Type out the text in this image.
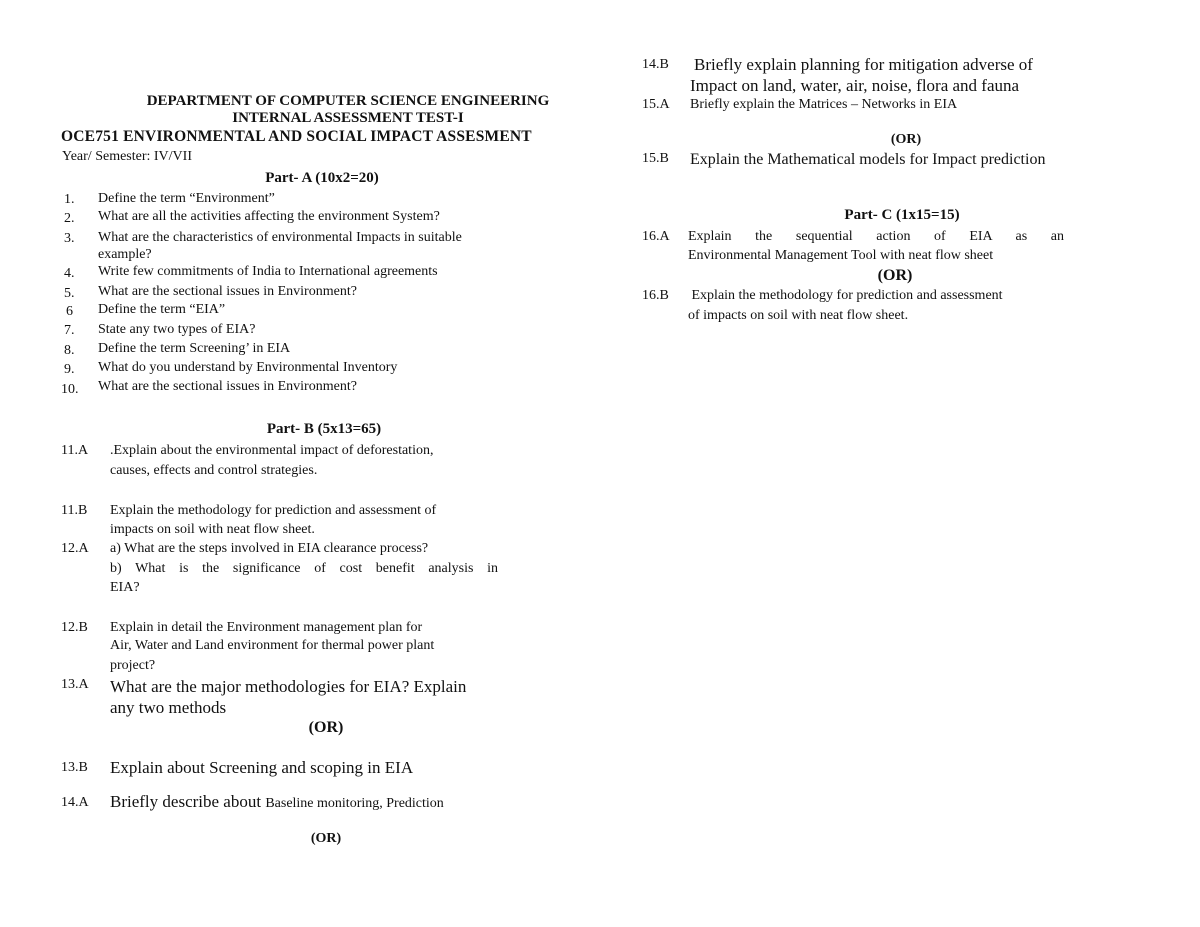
DEPARTMENT OF COMPUTER SCIENCE ENGINEERING
INTERNAL ASSESSMENT TEST-I
OCE751 ENVIRONMENTAL AND SOCIAL IMPACT ASSESMENT
Year/ Semester: IV/VII
Part- A (10x2=20)
1. Define the term “Environment”
2. What are all the activities affecting the environment System?
3. What are the characteristics of environmental Impacts in suitable
example?
4. Write few commitments of India to International agreements
5. What are the sectional issues in Environment?
6 Define the term “EIA”
7. State any two types of EIA?
8. Define the term Screening’ in EIA
9. What do you understand by Environmental Inventory
10. What are the sectional issues in Environment?
Part- B (5x13=65)
11.A .Explain about the environmental impact of deforestation,
causes, effects and control strategies.
11.B Explain the methodology for prediction and assessment of
impacts on soil with neat flow sheet.
12.A a) What are the steps involved in EIA clearance process?
b) What is the significance of cost benefit analysis in
EIA?
12.B Explain in detail the Environment management plan for
Air, Water and Land environment for thermal power plant
project?
13.A What are the major methodologies for EIA? Explain
any two methods
(OR)
13.B Explain about Screening and scoping in EIA
14.A Briefly describe about Baseline monitoring, Prediction
(OR)
14.B Briefly explain planning for mitigation adverse of
Impact on land, water, air, noise, flora and fauna
15.A Briefly explain the Matrices – Networks in EIA
(OR)
15.B Explain the Mathematical models for Impact prediction
Part- C (1x15=15)
16.A Explain the sequential action of EIA as an
Environmental Management Tool with neat flow sheet
(OR)
16.B Explain the methodology for prediction and assessment
of impacts on soil with neat flow sheet.
